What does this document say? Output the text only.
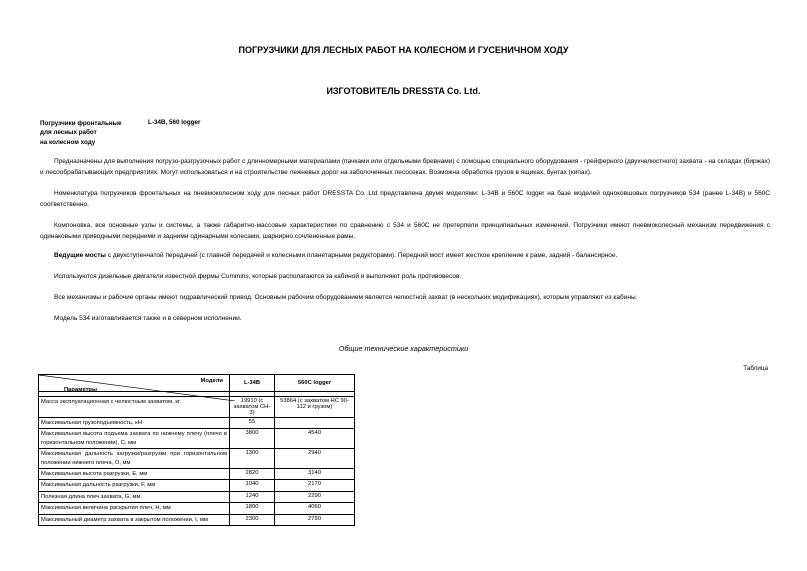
ПОГРУЗЧИКИ ДЛЯ ЛЕСНЫХ РАБОТ НА КОЛЕСНОМ И ГУСЕНИЧНОМ ХОДУ
ИЗГОТОВИТЕЛЬ DRESSTA Co. Ltd.
Погрузчики фронтальные
для лесных работ
на колесном ходу
L-34B, 560 logger
Предназначены для выполнения погрузо-разгрузочных работ с длинномерными материалами (пачками или отдельными бревнами) с помощью специального оборудования - грейферного (двухчелюстного) захвата - на складах (биржах) и лесообрабатывающих предприятиях. Могут использоваться и на строительстве лежневых дорог на заболоченных лесосеках. Возможна обработка грузов в ящиках, бунтах (кипах).
Номенклатура погрузчиков фронтальных на пневмоколесном ходу для лесных работ DRESSTA Co. Ltd представлена двумя моделями: L-34B и 560C logger на базе моделей одноковшовых погрузчиков 534 (ранее L-34B) и 560C соответственно.
Компоновка, все основные узлы и системы, а также габаритно-массовые характеристики по сравнению с 534 и 560C не претерпели принципиальных изменений. Погрузчики имеют пневмоколесный механизм передвижения с одинаковыми приводными передними и задними одинарными колесами, шарнирно сочлененные рамы.
Ведущие мосты с двухступенчатой передачей (с главной передачей и колесными планетарными редукторами). Передний мост имеет жесткое крепление к раме, задний - балансирное.
Используются дизельные двигатели известной фирмы Cummins, которые располагаются за кабиной и выполняют роль противовесов.
Все механизмы и рабочие органы имеют гидравлический привод. Основным рабочим оборудованием является челюстной захват (в нескольких модификациях), которым управляют из кабины.
Модель 534 изготавливается также и в северном исполнении.
Общие технические характеристики
Таблица
Модели
Параметры	L-34B	560C logger

Масса эксплуатационная с челюстным захватом, кг	19910 (с захватом CH-3)	53864 (с захватом HC 90-112 и грузом)
Максимальная грузоподъемность, кН	55	
Максимальная высота подъема захвата по нижнему плечу (плечо в горизонтальном положении), C, мм	3800	4540
Максимальная дальность загрузки/разгрузки при горизонтальном положении нижнего плеча, O, мм	1300	2940
Максимальная высота разгрузки, E, мм	2820	3140
Максимальная дальность разгрузки, F, мм	1040	2170
Полезная длина плеч захвата, G, мм	1240	2290
Максимальная величина раскрытия плеч, H, мм	1800	4060
Максимальный диаметр захвата в закрытом положении, I, мм	2300	2790
